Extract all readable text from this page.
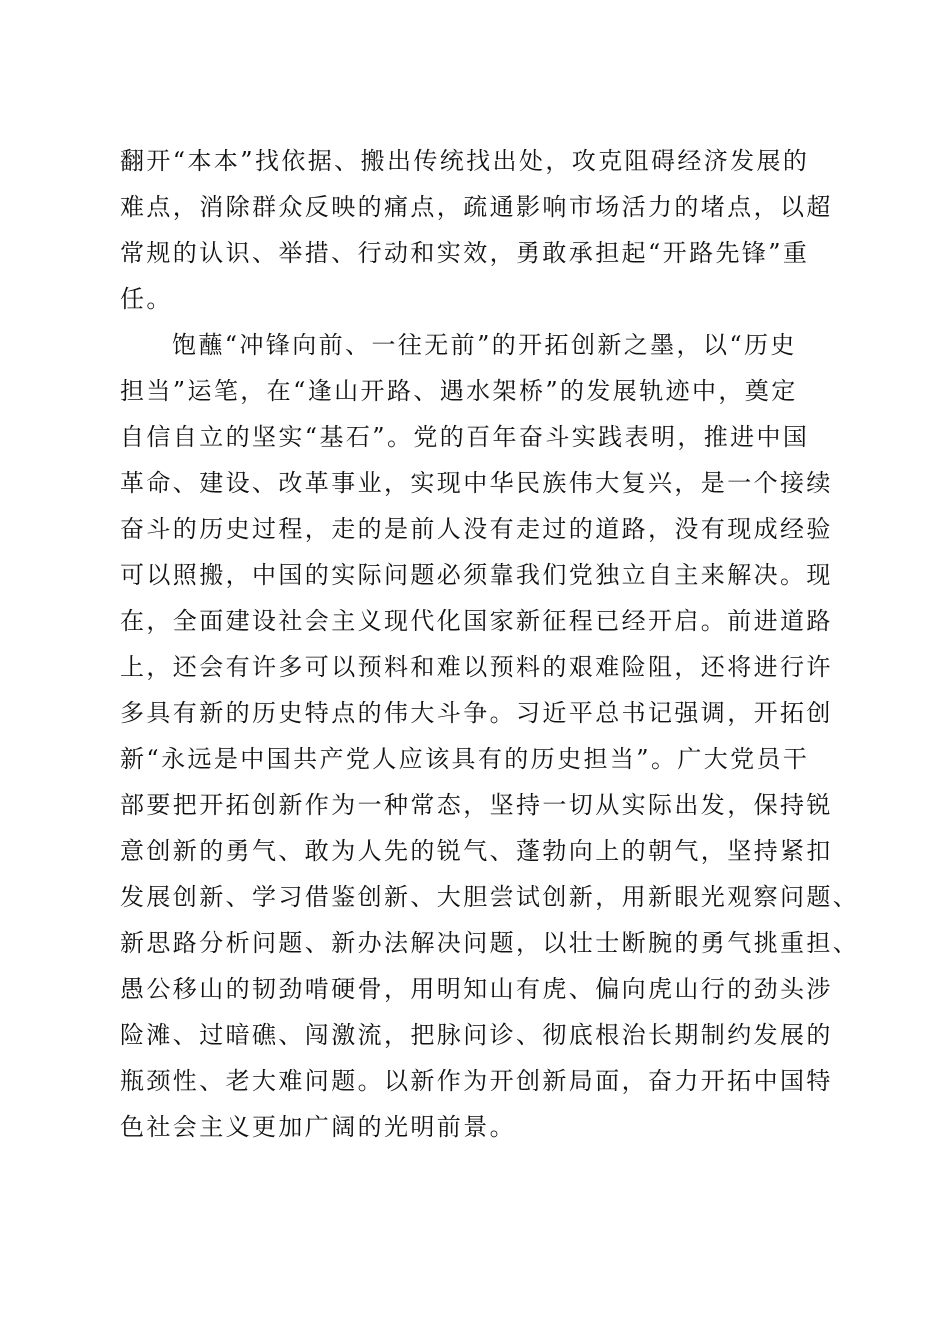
翻开“本本”找依据、搬出传统找出处，攻克阻碍经济发展的
难点，消除群众反映的痛点，疏通影响市场活力的堵点，以超
常规的认识、举措、行动和实效，勇敢承担起“开路先锋”重
任。
饱蘸“冲锋向前、一往无前”的开拓创新之墨，以“历史
担当”运笔，在“逢山开路、遇水架桥”的发展轨迹中，奠定
自信自立的坚实“基石”。党的百年奋斗实践表明，推进中国
革命、建设、改革事业，实现中华民族伟大复兴，是一个接续
奋斗的历史过程，走的是前人没有走过的道路，没有现成经验
可以照搬，中国的实际问题必须靠我们党独立自主来解决。现
在，全面建设社会主义现代化国家新征程已经开启。前进道路
上，还会有许多可以预料和难以预料的艰难险阻，还将进行许
多具有新的历史特点的伟大斗争。习近平总书记强调，开拓创
新“永远是中国共产党人应该具有的历史担当”。广大党员干
部要把开拓创新作为一种常态，坚持一切从实际出发，保持锐
意创新的勇气、敢为人先的锐气、蓬勃向上的朝气，坚持紧扣
发展创新、学习借鉴创新、大胆尝试创新，用新眼光观察问题、
新思路分析问题、新办法解决问题，以壮士断腕的勇气挑重担、
愚公移山的韧劲啃硬骨，用明知山有虎、偏向虎山行的劲头涉
险滩、过暗礁、闯激流，把脉问诊、彻底根治长期制约发展的
瓶颈性、老大难问题。以新作为开创新局面，奋力开拓中国特
色社会主义更加广阔的光明前景。
